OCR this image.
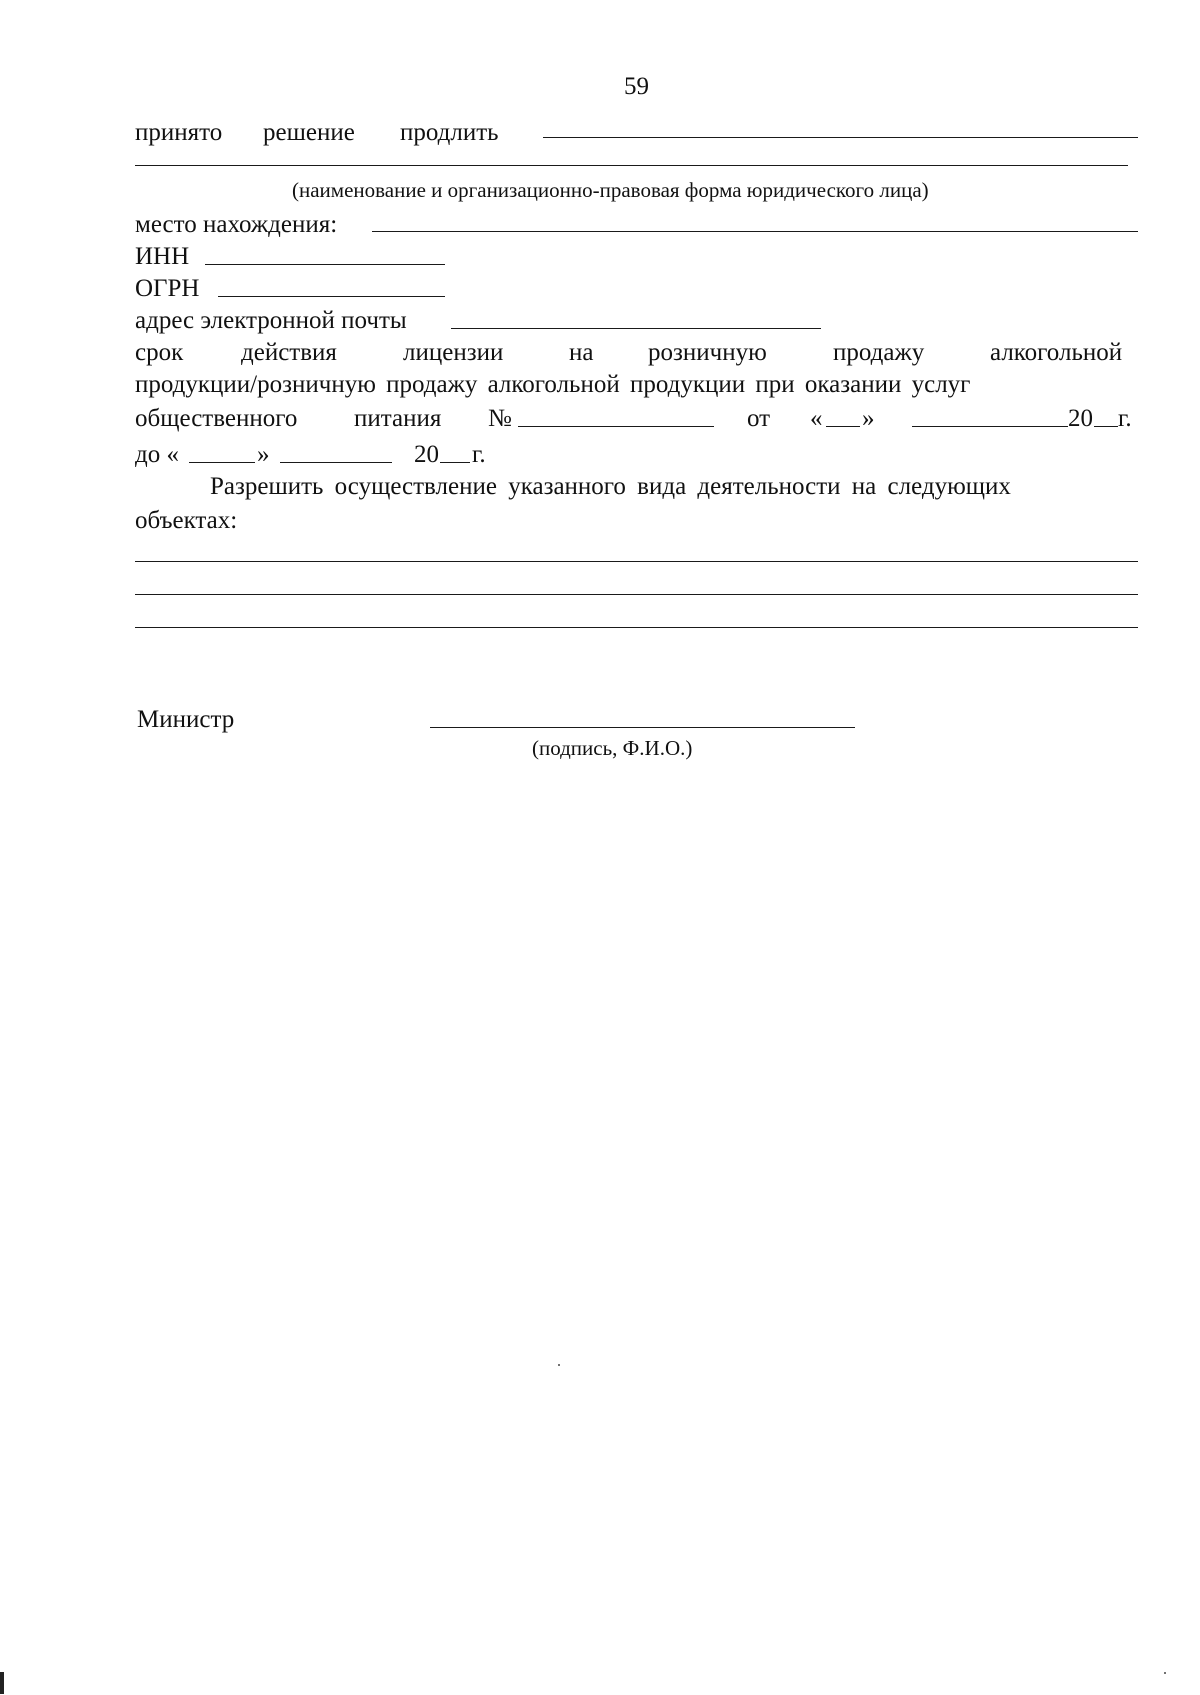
59
принято решение продлить
(наименование и организационно-правовая форма юридического лица)
место нахождения:
ИНН
ОГРН
адрес электронной почты
срок действия	лицензии	на розничную	продажу	алкогольной
продукции/розничную продажу алкогольной продукции при оказании услуг
общественного питания №	от « »	20 г.
до «	»	20 г.
Разрешить осуществление указанного вида деятельности на следующих
объектах:
Министр
(подпись, Ф.И.О.)
